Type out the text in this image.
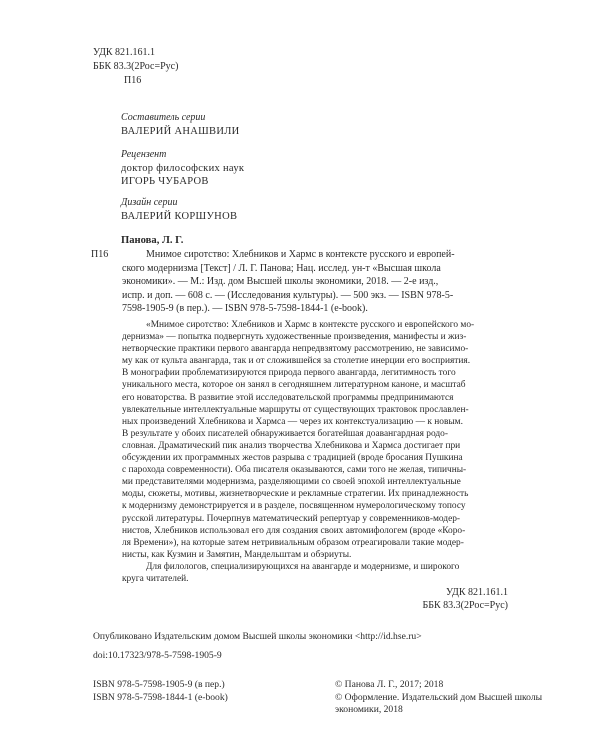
УДК 821.161.1
ББК 83.3(2Рос=Рус)
П16
Составитель серии
ВАЛЕРИЙ АНАШВИЛИ
Рецензент
доктор философских наук
ИГОРЬ ЧУБАРОВ
Дизайн серии
ВАЛЕРИЙ КОРШУНОВ
Панова, Л. Г.
П16	Мнимое сиротство: Хлебников и Хармс в контексте русского и европей-
ского модернизма [Текст] / Л. Г. Панова; Нац. исслед. ун-т «Высшая школа
экономики». — М.: Изд. дом Высшей школы экономики, 2018. — 2-е изд.,
испр. и доп. — 608 с. — (Исследования культуры). — 500 экз. — ISBN 978-5-
7598-1905-9 (в пер.). — ISBN 978-5-7598-1844-1 (e-book).
«Мнимое сиротство: Хлебников и Хармс в контексте русского и европейского мо-
дернизма» — попытка подвергнуть художественные произведения, манифесты и жиз-
нетворческие практики первого авангарда непредвзятому рассмотрению, не зависимо-
му как от культа авангарда, так и от сложившейся за столетие инерции его восприятия.
В монографии проблематизируются природа первого авангарда, легитимность того
уникального места, которое он занял в сегодняшнем литературном каноне, и масштаб
его новаторства. В развитие этой исследовательской программы предпринимаются
увлекательные интеллектуальные маршруты от существующих трактовок прославлен-
ных произведений Хлебникова и Хармса — через их контекстуализацию — к новым.
В результате у обоих писателей обнаруживается богатейшая доавангардная родо-
словная. Драматический пик анализ творчества Хлебникова и Хармса достигает при
обсуждении их программных жестов разрыва с традицией (вроде бросания Пушкина
с парохода современности). Оба писателя оказываются, сами того не желая, типичны-
ми представителями модернизма, разделяющими со своей эпохой интеллектуальные
моды, сюжеты, мотивы, жизнетворческие и рекламные стратегии. Их принадлежность
к модернизму демонстрируется и в разделе, посвященном нумерологическому топосу
русской литературы. Почерпнув математический репертуар у современников-модер-
нистов, Хлебников использовал его для создания своих автомифологем (вроде «Коро-
ля Времени»), на которые затем нетривиальным образом отреагировали такие модер-
нисты, как Кузмин и Замятин, Мандельштам и обэриуты.
Для филологов, специализирующихся на авангарде и модернизме, и широкого
круга читателей.
УДК 821.161.1
ББК 83.3(2Рос=Рус)
Опубликовано Издательским домом Высшей школы экономики <http://id.hse.ru>
doi:10.17323/978-5-7598-1905-9
ISBN 978-5-7598-1905-9 (в пер.)
ISBN 978-5-7598-1844-1 (e-book)
© Панова Л. Г., 2017; 2018
© Оформление. Издательский дом Высшей школы экономики, 2018
